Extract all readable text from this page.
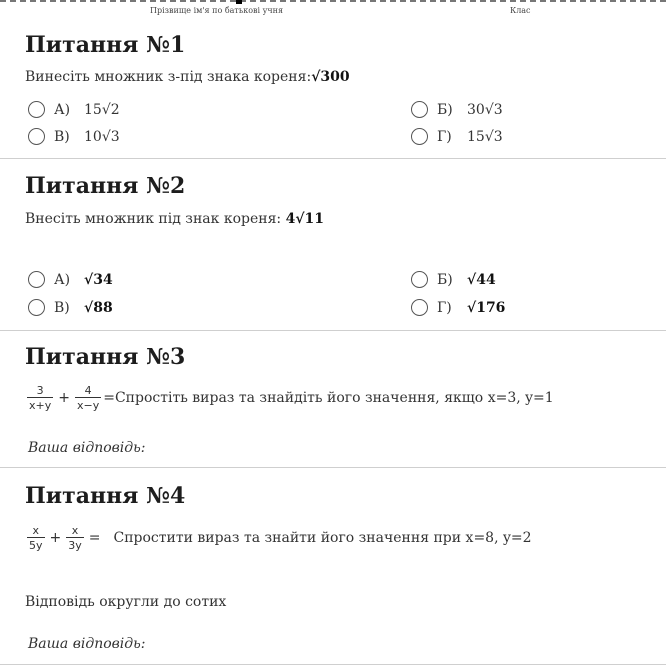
Прізвище ім'я по батькові учня	Клас
Питання №1
Винесіть множник з-під знака кореня:√300
А) 15√2	Б)	30√3
В)	10√3	Г)	15√3
Питання №2
Внесіть множник під знак кореня: 4√11
А) √34	Б)	√44
В)	√88	Г)	√176
Питання №3
$\frac{3}{x+y} + \frac{4}{x-y}$ =Спростіть вираз та знайдіть його значення, якщо x=3, y=1
Ваша відповідь:
Питання №4
$\frac{x}{5y} + \frac{x}{3y}$ = Спростити вираз та знайти його значення при x=8, y=2
Відповідь округли до сотих
Ваша відповідь:
